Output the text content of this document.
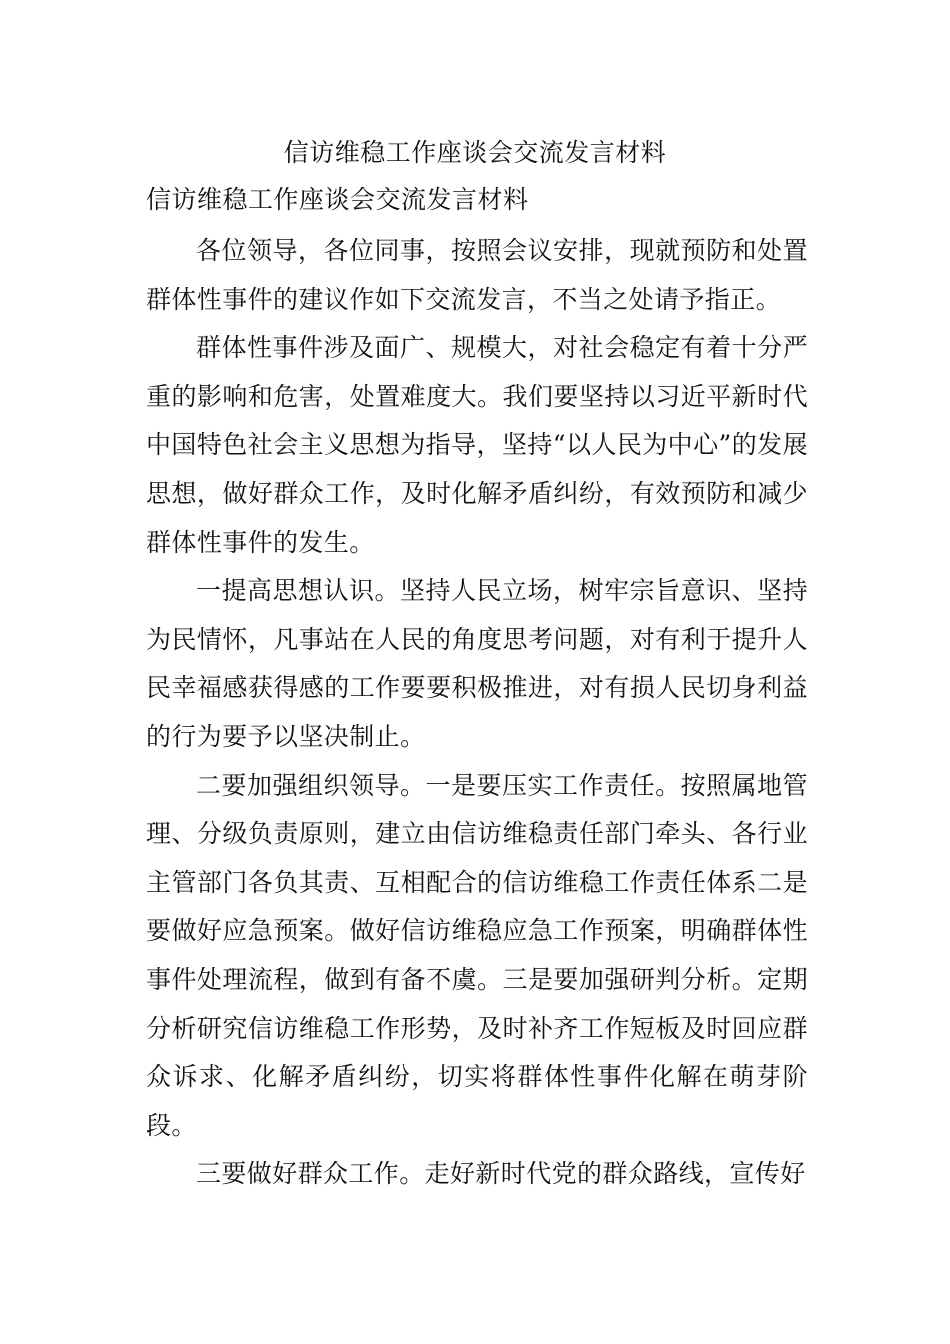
信访维稳工作座谈会交流发言材料

信访维稳工作座谈会交流发言材料

各位领导，各位同事，按照会议安排，现就预防和处置群体性事件的建议作如下交流发言，不当之处请予指正。

群体性事件涉及面广、规模大，对社会稳定有着十分严重的影响和危害，处置难度大。我们要坚持以习近平新时代中国特色社会主义思想为指导，坚持“以人民为中心”的发展思想，做好群众工作，及时化解矛盾纠纷，有效预防和减少群体性事件的发生。

一提高思想认识。坚持人民立场，树牢宗旨意识、坚持为民情怀，凡事站在人民的角度思考问题，对有利于提升人民幸福感获得感的工作要要积极推进，对有损人民切身利益的行为要予以坚决制止。

二要加强组织领导。一是要压实工作责任。按照属地管理、分级负责原则，建立由信访维稳责任部门牵头、各行业主管部门各负其责、互相配合的信访维稳工作责任体系二是要做好应急预案。做好信访维稳应急工作预案，明确群体性事件处理流程，做到有备不虞。三是要加强研判分析。定期分析研究信访维稳工作形势，及时补齐工作短板及时回应群众诉求、化解矛盾纠纷，切实将群体性事件化解在萌芽阶段。

三要做好群众工作。走好新时代党的群众路线，宣传好
